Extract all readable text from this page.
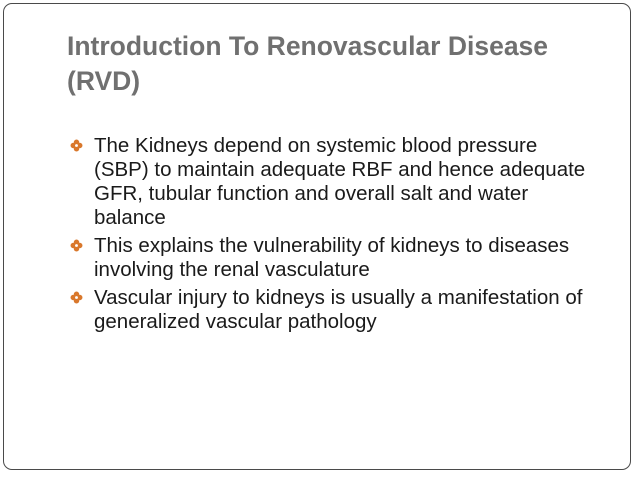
Introduction To Renovascular Disease (RVD)
The Kidneys depend on systemic blood pressure (SBP) to maintain adequate RBF and hence adequate GFR, tubular function and overall salt and water balance
This explains the vulnerability of kidneys to diseases involving the renal vasculature
Vascular injury to kidneys is usually a manifestation of generalized vascular pathology
